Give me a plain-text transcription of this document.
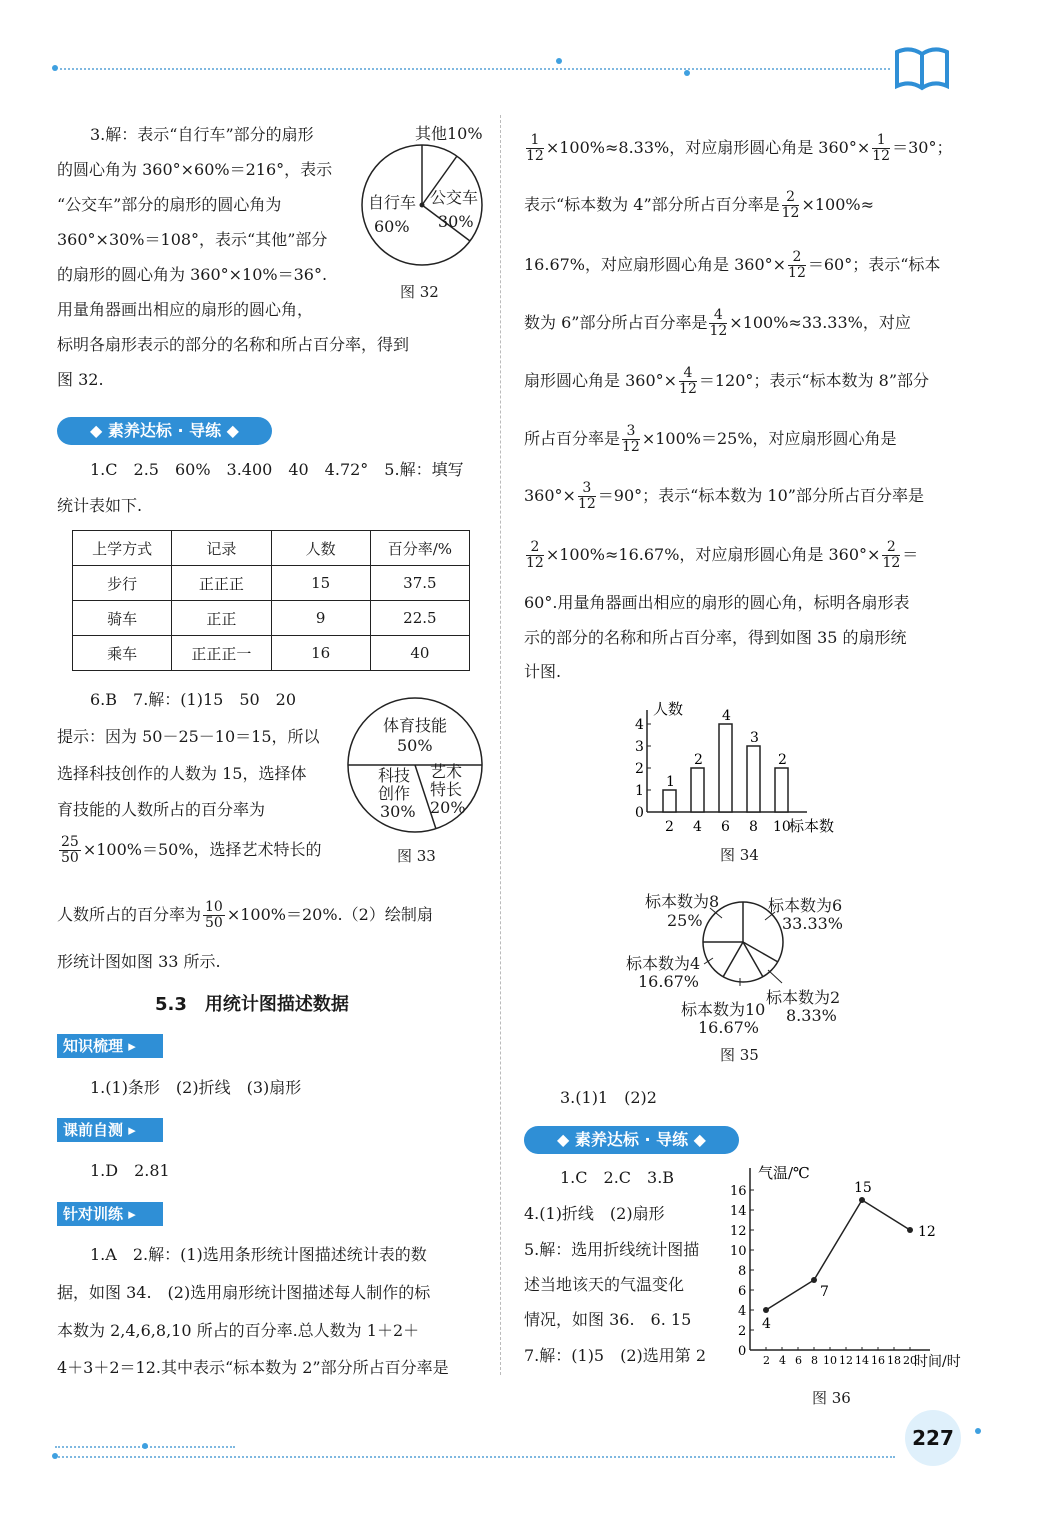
3.解：表示“自行车”部分的扇形
的圆心角为 360°×60%＝216°，表示
“公交车”部分的扇形的圆心角为
360°×30%＝108°，表示“其他”部分
的扇形的圆心角为 360°×10%＝36°.
用量角器画出相应的扇形的圆心角，
标明各扇形表示的部分的名称和所占百分率，得到
图 32.
其他10%
自行车
60%
公交车
30%
图 32
◆ 素养达标 · 导练 ◆
1.C　2.5　60%　3.400　40　4.72°　5.解：填写
统计表如下.
上学方式	记录	人数	百分率/%
步行	正正正	15	37.5
骑车	正正	9	22.5
乘车	正正正一	16	40
6.B　7.解：(1)15　50　20
提示：因为 50－25－10＝15，所以
选择科技创作的人数为 15，选择体
育技能的人数所占的百分率为
$\frac{25}{50} \times 100\%=50\%$，选择艺术特长的
人数所占的百分率为 $\frac{10}{50} \times 100\%=20\%.(2)$绘制扇
形统计图如图 33 所示.
体育技能
50%
科技
创作
30%
艺术
特长
20%
图 33
5.3　用统计图描述数据
知识梳理 ▸
1.(1)条形　(2)折线　(3)扇形
课前自测 ▸
1.D　2.81
针对训练 ▸
1.A　2.解：(1)选用条形统计图描述统计表的数
据，如图 34.　(2)选用扇形统计图描述每人制作的标
本数为 2,4,6,8,10 所占的百分率.总人数为 1＋2＋
4＋3＋2＝12.其中表示“标本数为 2”部分所占百分率是
$\frac{1}{12} \times 100\%\approx 8.33\%$，对应扇形圆心角是 $360^\circ\times \frac{1}{12} =30^\circ$；
表示“标本数为 4”部分所占百分率是 $\frac{2}{12} \times 100\%\approx$
16.67%，对应扇形圆心角是 $360^\circ\times \frac{2}{12} =60^\circ$；表示“标本
数为 6”部分所占百分率是 $\frac{4}{12} \times 100\%\approx 33.33\%$，对应
扇形圆心角是 $360^\circ\times \frac{4}{12} =120^\circ$；表示“标本数为 8”部分
所占百分率是 $\frac{3}{12} \times 100\%=25\%$，对应扇形圆心角是
$360^\circ\times \frac{3}{12} =90^\circ$；表示“标本数为 10”部分所占百分率是
$\frac{2}{12} \times 100\%\approx 16.67\%$，对应扇形圆心角是 $360^\circ\times \frac{2}{12}$ ＝
60°.用量角器画出相应的扇形的圆心角，标明各扇形表
示的部分的名称和所占百分率，得到如图 35 的扇形统
计图.
人数
标本数
0
1
2
3
4
1
2
2
4
4
6
3
8
2
10
图 34
标本数为8
25%
标本数为6
33.33%
标本数为4
16.67%
标本数为2
8.33%
标本数为10
16.67%
图 35
3.(1)1　(2)2
◆ 素养达标 · 导练 ◆
1.C　2.C　3.B
4.(1)折线　(2)扇形
5.解：选用折线统计图描
述当地该天的气温变化
情况，如图 36.　6. 15
7.解：(1)5　(2)选用第 2
气温/℃
时间/时
0
2
4
6
8
10
12
14
16
2 4 6 8 10 12 14 16 18 20
4
7
15
12
图 36
227
